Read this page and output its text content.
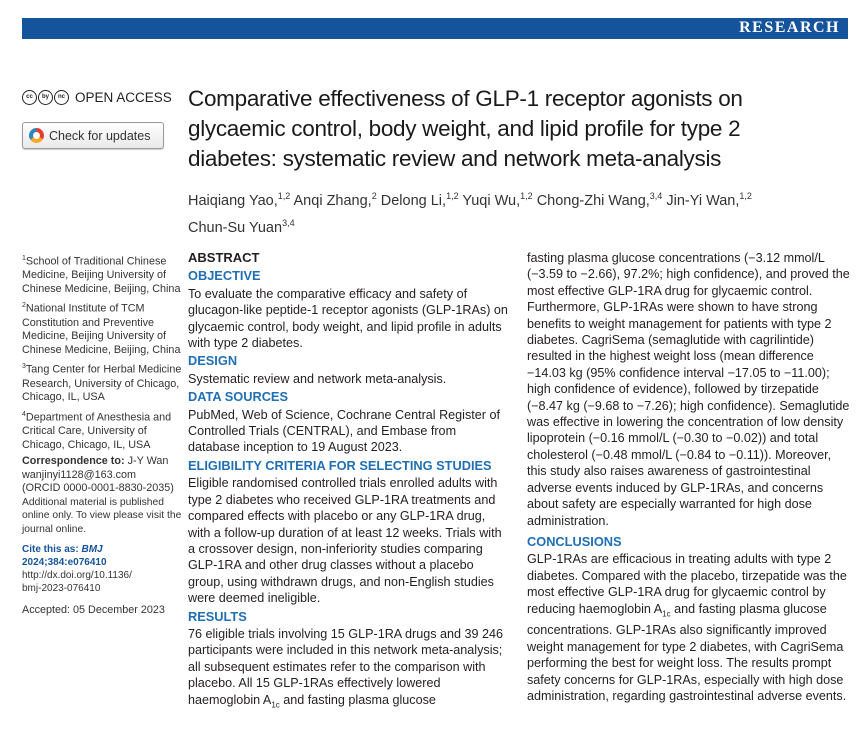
RESEARCH
cc	by	nc OPEN ACCESS
Check for updates
Comparative effectiveness of GLP-1 receptor agonists on glycaemic control, body weight, and lipid profile for type 2 diabetes: systematic review and network meta-analysis
Haiqiang Yao,$^{1,2}$ Anqi Zhang,$^2$ Delong Li,$^{1,2}$ Yuqi Wu,$^{1,2}$ Chong-Zhi Wang,$^{3,4}$ Jin-Yi Wan,$^{1,2}$
Chun-Su Yuan$^{3,4}$
$^1$School of Traditional Chinese Medicine, Beijing University of Chinese Medicine, Beijing, China
$^2$National Institute of TCM Constitution and Preventive Medicine, Beijing University of Chinese Medicine, Beijing, China
$^3$Tang Center for Herbal Medicine Research, University of Chicago, Chicago, IL, USA
$^4$Department of Anesthesia and Critical Care, University of Chicago, Chicago, IL, USA
Correspondence to: J-Y Wan
wanjinyi1128@163.com
(ORCID 0000-0001-8830-2035)
Additional material is published online only. To view please visit the journal online.
Cite this as: BMJ 2024;384:e076410
http://dx.doi.org/10.1136/
bmj-2023-076410
Accepted: 05 December 2023

ABSTRACT

OBJECTIVE

To evaluate the comparative efficacy and safety of glucagon-like peptide-1 receptor agonists (GLP-1RAs) on glycaemic control, body weight, and lipid profile in adults with type 2 diabetes.

DESIGN

Systematic review and network meta-analysis.

DATA SOURCES

PubMed, Web of Science, Cochrane Central Register of Controlled Trials (CENTRAL), and Embase from database inception to 19 August 2023.

ELIGIBILITY CRITERIA FOR SELECTING STUDIES

Eligible randomised controlled trials enrolled adults with type 2 diabetes who received GLP-1RA treatments and compared effects with placebo or any GLP-1RA drug, with a follow-up duration of at least 12 weeks. Trials with a crossover design, non-inferiority studies comparing GLP-1RA and other drug classes without a placebo group, using withdrawn drugs, and non-English studies were deemed ineligible.

RESULTS

76 eligible trials involving 15 GLP-1RA drugs and 39 246 participants were included in this network meta-analysis; all subsequent estimates refer to the comparison with placebo. All 15 GLP-1RAs effectively lowered haemoglobin $A_{1c}$ and fasting plasma glucose

fasting plasma glucose concentrations (−3.12 mmol/L (−3.59 to −2.66), 97.2%; high confidence), and proved the most effective GLP-1RA drug for glycaemic control. Furthermore, GLP-1RAs were shown to have strong benefits to weight management for patients with type 2 diabetes. CagriSema (semaglutide with cagrilintide) resulted in the highest weight loss (mean difference −14.03 kg (95% confidence interval −17.05 to −11.00); high confidence of evidence), followed by tirzepatide (−8.47 kg (−9.68 to −7.26); high confidence). Semaglutide was effective in lowering the concentration of low density lipoprotein (−0.16 mmol/L (−0.30 to −0.02)) and total cholesterol (−0.48 mmol/L (−0.84 to −0.11)). Moreover, this study also raises awareness of gastrointestinal adverse events induced by GLP-1RAs, and concerns about safety are especially warranted for high dose administration.

CONCLUSIONS

GLP-1RAs are efficacious in treating adults with type 2 diabetes. Compared with the placebo, tirzepatide was the most effective GLP-1RA drug for glycaemic control by reducing haemoglobin $A_{1c}$ and fasting plasma glucose concentrations. GLP-1RAs also significantly improved weight management for type 2 diabetes, with CagriSema performing the best for weight loss. The results prompt safety concerns for GLP-1RAs, especially with high dose administration, regarding gastrointestinal adverse events.
